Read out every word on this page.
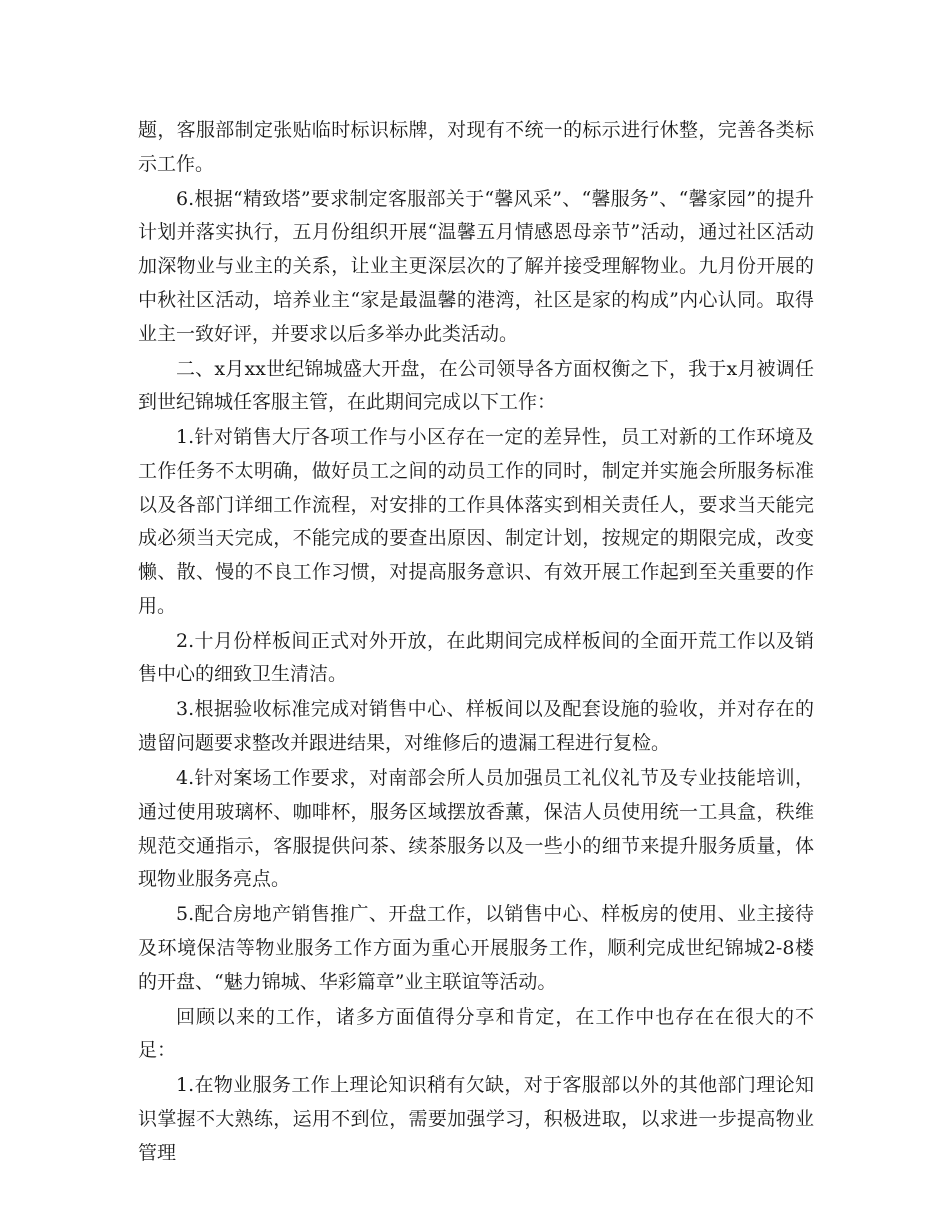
题，客服部制定张贴临时标识标牌，对现有不统一的标示进行休整，完善各类标示工作。

6.根据“精致塔”要求制定客服部关于“馨风采”、“馨服务”、“馨家园”的提升计划并落实执行，五月份组织开展“温馨五月情感恩母亲节”活动，通过社区活动加深物业与业主的关系，让业主更深层次的了解并接受理解物业。九月份开展的中秋社区活动，培养业主“家是最温馨的港湾，社区是家的构成”内心认同。取得业主一致好评，并要求以后多举办此类活动。

二、x月xx世纪锦城盛大开盘，在公司领导各方面权衡之下，我于x月被调任到世纪锦城任客服主管，在此期间完成以下工作：

1.针对销售大厅各项工作与小区存在一定的差异性，员工对新的工作环境及工作任务不太明确，做好员工之间的动员工作的同时，制定并实施会所服务标准以及各部门详细工作流程，对安排的工作具体落实到相关责任人，要求当天能完成必须当天完成，不能完成的要查出原因、制定计划，按规定的期限完成，改变懒、散、慢的不良工作习惯，对提高服务意识、有效开展工作起到至关重要的作用。

2.十月份样板间正式对外开放，在此期间完成样板间的全面开荒工作以及销售中心的细致卫生清洁。

3.根据验收标准完成对销售中心、样板间以及配套设施的验收，并对存在的遗留问题要求整改并跟进结果，对维修后的遗漏工程进行复检。

4.针对案场工作要求，对南部会所人员加强员工礼仪礼节及专业技能培训，通过使用玻璃杯、咖啡杯，服务区域摆放香薰，保洁人员使用统一工具盒，秩维规范交通指示，客服提供问茶、续茶服务以及一些小的细节来提升服务质量，体现物业服务亮点。

5.配合房地产销售推广、开盘工作，以销售中心、样板房的使用、业主接待及环境保洁等物业服务工作方面为重心开展服务工作，顺利完成世纪锦城2-8楼的开盘、“魅力锦城、华彩篇章”业主联谊等活动。

回顾以来的工作，诸多方面值得分享和肯定，在工作中也存在在很大的不足：

1.在物业服务工作上理论知识稍有欠缺，对于客服部以外的其他部门理论知识掌握不大熟练，运用不到位，需要加强学习，积极进取，以求进一步提高物业管理
